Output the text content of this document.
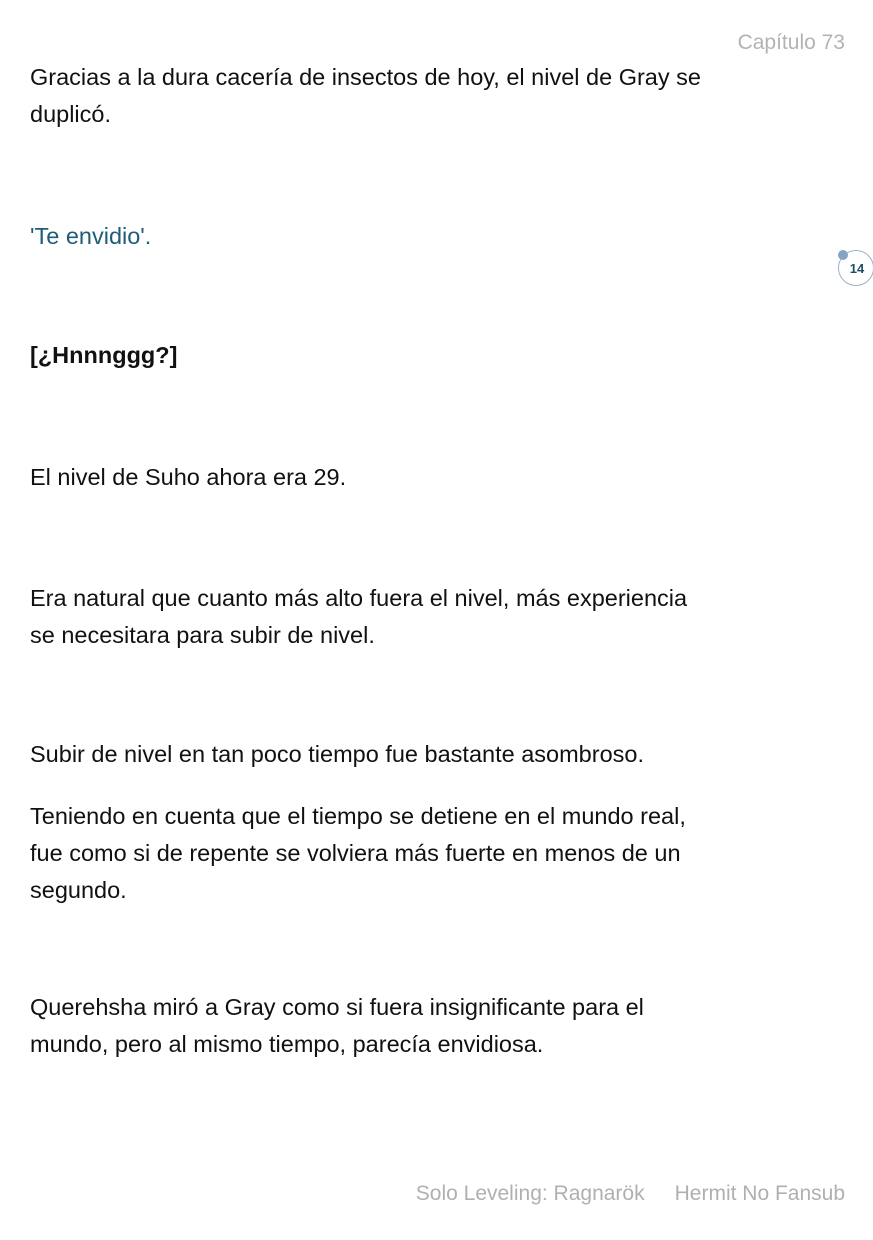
Capítulo 73
Gracias a la dura cacería de insectos de hoy, el nivel de Gray se
duplicó.
'Te envidio'.
14
[¿Hnnnggg?]
El nivel de Suho ahora era 29.
Era natural que cuanto más alto fuera el nivel, más experiencia
se necesitara para subir de nivel.
Subir de nivel en tan poco tiempo fue bastante asombroso.
Teniendo en cuenta que el tiempo se detiene en el mundo real,
fue como si de repente se volviera más fuerte en menos de un
segundo.
Querehsha miró a Gray como si fuera insignificante para el
mundo, pero al mismo tiempo, parecía envidiosa.
Solo Leveling: Ragnarök Hermit No Fansub
